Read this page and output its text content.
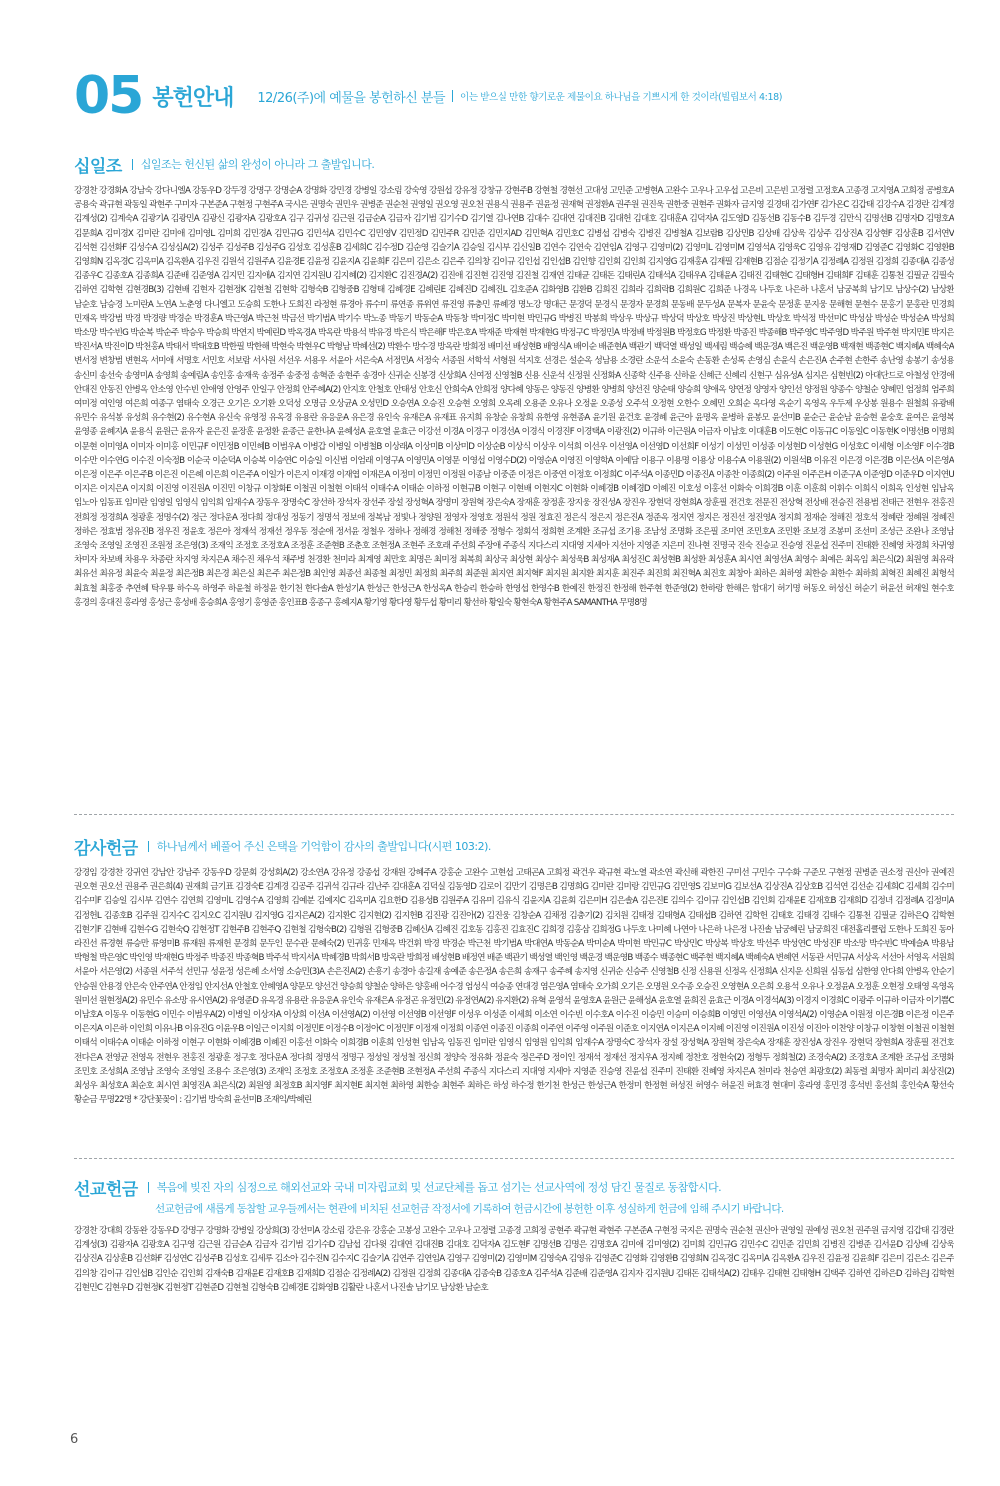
05 봉헌안내 12/26(주)에 예물을 봉헌하신 분들 이는 받으실 만한 향기로운 제물이요 하나님을 기쁘시게 한 것이라(빌립보서 4:18)
십일조 십일조는 헌신된 삶의 완성이 아니라 그 출발입니다.
강경찬 강경화A 강남숙 강다니엘A 강동우D 강두경 강명구 강명순A 강명화 강민경 강병일 강소림 강숙영 강원섭 강유정 강창규 강현주B 강현철 경현선 고대성 고민준 고병현A 고완수 고우나 고우섭 고은비 고은빈 고정렬 고정호A 고종경 고지영A 고희정 공병호A 공용숙 곽규현 곽동일 곽현주 구미자 구본준A 구현정 구현주A 국시은 권명숙 권민우 권병준 권순천 권영일 권오영 권오천 권용식 권용주 권윤정 권재혁 권정환A 권주원 권진욱 권한중 권현주 권화자 금지영 길경태 김가연F 김가온C 김갑태 김강수A 김경란 김계경 김계성(2) 김계숙A 김광기A 김광민A 김광신 김광자A 김광호A 김구 김귀성 김근원 김금순A 김금자 김기범 김기수D 김기열 김나연B 김대수 김대연 김대진B 김대헌 김대호 김대훈A 김덕자A 김도영D 김동선B 김동수B 김두경 김만식 김명선B 김명자D 김명호A 김문희A 김미경X 김미란 김미애 김미영L 김미희 김민경A 김민규G 김민석A 김민수C 김민영V 김민정D 김민주R 김민준 김민지AD 김민혁A 김민호C 김병섭 김병숙 김병진 김병철A 김보람B 김상민B 김상배 김상욱 김상주 김상진A 김상현F 김상훈B 김서연V 김석현 김선화F 김성수A 김성심A(2) 김성주 김성주B 김성주G 김성호 김성훈B 김세희C 김수정D 김순영 김슬기A 김승일 김시부 김신일B 김연수 김연숙 김연임A 김영구 김영미(2) 김영미L 김영미M 김영석A 김영욱C 김영유 김영재D 김영준C 김영화C 김영환B 김영희N 김옥경C 김옥미A 김옥환A 김우진 김원석 김원주A 김윤경E 김윤정 김윤지A 김윤희F 김은미 김은소 김은주 김의창 김이규 김인섭 김인섭B 김인향 김인회 김인희 김지영G 김재홍A 김재필 김재현B 김점순 김정기A 김정례A 김정원 김정희 김종대A 김종성 김종우C 김종호A 김종희A 김준배 김준영A 김지민 김지애A 김지연 김지원U 김지혜(2) 김지환C 김진경A(2) 김진애 김진현 김진영 김진철 김재연 김태균 김태돈 김태린A 김태석A 김태우A 김태윤A 김태진 김태현C 김태형H 김태희F 김태훈 김통천 김필균 김필숙 김하연 김학현 김현경B(3) 김현배 김현자 김현정K 김현철 김현학 김형숙B 김형중B 김형태 김혜경E 김혜린E 김혜진D 김혜진L 김호준A 김화영B 김환B 김희진 김희라 김희락B 김희원C 김희준 나경옥 나두호 나은하 나혼서 남궁복희 남기모 남상수(2) 남상환 남순호 남승경 노미란A 노연A 노춘영 다니엘고 도승희 도한나 도희진 라정현 류경아 류수미 류연종 류위연 류진영 류충민 류혜경 명노강 명대근 문경덕 문경식 문경자 문경희 문동배 문두성A 문복자 문윤숙 문정훈 문지웅 문해현 문현수 문홍기 문홍란 민경희 민재옥 박강범 박경 박경량 박경순 박경훈A 박근영A 박근천 박금선 박기범A 박기수 박노종 박동기 박동순A 박동창 박미정C 박미현 박민규G 박병진 박봉희 박상우 박상규 박상덕 박상호 박상진 박상현L 박상호 박석정 박선미C 박성삼 박성순 박성순A 박성희 박소망 박수빈G 박순복 박순주 박승우 박승희 박연지 박예린D 박옥경A 박옥란 박용석 박유경 박은식 박은해F 박은호A 박재준 박재현 박재현G 박정구C 박정민A 박정배 박정원B 박정호G 박정환 박종진 박종해B 박주영C 박주영D 박주원 박주현 박지민E 박지은 박진서A 박진이D 박천홍A 박태서 박태호B 박한필 박한해 박현숙 박현우C 박형남 박혜선(2) 박환수 방수경 방옥란 방희정 배미선 배성현B 배영식A 배이순 배준현A 백관기 백덕열 백성일 백세림 백승혜 백운경A 백은진 백운영B 백재현 백종현C 백지혜A 백혜숙A 변서정 변창범 변현옥 서미애 서명호 서민호 서보람 서사원 서선우 서용우 서윤아 서은숙A 서정민A 서정숙 서종원 서학석 서형원 석지호 선경은 설순옥 성남용 소경란 소운석 소윤숙 손동환 손성록 손영심 손윤식 손은진A 손주현 손한주 송난영 송봉기 송성용 송신미 송선숙 송영미A 송영희 송예림A 송인홍 송재욱 송정주 송중정 송혁준 송현주 송경아 신귀순 신봉경 신상희A 신여정 신영철B 신용 신운석 신정원 신정화A 신종학 신주용 신하윤 신혜근 신혜리 신현구 심유성A 심지은 심현빈(2) 아대단드로 아철성 안경애 안대진 안동진 안병옥 안소영 안수빈 안애영 안영주 안일구 안정희 안주혜A(2) 안지호 안철호 안태성 안호신 안희숙A 안희정 양다혜 양동은 양동진 양병환 양병희 양선진 양순태 양승희 양애옥 양연정 양영자 양인선 양정원 양종수 양철순 양혜민 엄정희 엄주희 여미정 여인영 여은희 여종구 염태숙 오경근 오기은 오기환 오덕성 오명금 오상균A 오성민D 오승연A 오승진 오승현 오영희 오옥례 오용준 오유나 오정윤 오종성 오주석 오정현 오한수 오혜민 오희순 옥다영 옥순기 옥영옥 우두제 우상봉 원용수 원철희 유광배 유민수 유석봉 유성희 유수현(2) 유수현A 유신숙 유영정 유옥경 유용란 유응운A 유은경 유인숙 유재은A 유재표 유지희 유창순 유창희 유한영 유현종A 윤기원 윤건호 윤경혜 윤근아 윤명옥 윤병하 윤봉모 윤선미B 윤순근 윤순남 윤승현 윤숭호 윤여은 윤영복 윤영종 윤혜지A 윤용식 윤원근 윤유자 윤은진 윤장훈 윤정환 윤종근 윤한나A 윤혜성A 윤호열 윤효근 이강선 이경A 이경구 이경선A 이경식 이경진F 이경택A 이광진(2) 이규하 이근원A 이금자 이남호 이대훈B 이도현C 이동규C 이동일C 이동현K 이명선B 이명희 이문현 이미영A 이미자 이미홍 이민규F 이민정B 이민혜B 이범우A 이병갑 이병일 이병철B 이상래A 이상미B 이상미D 이상순B 이상식 이상우 이석희 이선우 이선영A 이선영D 이선희F 이성기 이성민 이성종 이성현D 이성현G 이성호C 이세형 이소영F 이수경B 이수만 이수연G 이수진 이숙정B 이순국 이순덕A 이승복 이승연C 이승일 이신범 이엄래 이영구A 이영민A 이영문 이영섭 이영수D(2) 이영순A 이영진 이영학A 이예담 이용구 이용명 이용상 이용수A 이용원(2) 이원석B 이유진 이은경 이은경B 이은선A 이은영A 이은정 이은주 이은주B 이은진 이은혜 이은희 이은주A 이일가 이은지 이재경 이재엽 이재은A 이정미 이정민 이정원 이종남 이중준 이정은 이중연 이정호 이정희C 이주석A 이종민D 이종진A 이종찬 이종희(2) 이주원 이주은H 이준구A 이준영D 이준우D 이지연U 이지은 이지은A 이지희 이진영 이진원A 이진민 이창규 이창화E 이철권 이철현 이태석 이태수A 이태순 이하정 이현규B 이현구 이현배 이현지C 이현화 이혜경B 이혜경D 이혜진 이호성 이홍선 이화숙 이희경B 이훈 이훈희 이휘수 이희식 이희옥 인성현 임남옥 임노아 임동표 임미란 임영일 임영식 임익희 임재수A 장동우 장명숙C 장선하 장석자 장선주 장설 장성혁A 장명미 장원혁 장은숙A 장재훈 장정훈 장지웅 장진성A 장진우 장현덕 장현희A 장훈필 전건호 전문진 전상혁 전상배 전승진 전용범 전태근 전현우 전홍진 전희정 정경희A 정광훈 정명수(2) 정근 정다운A 정다희 정대성 정동기 정명석 정보애 정복남 정빛나 정양원 정영자 정영호 정원석 정원 정효진 정은식 정은지 정은진A 정준옥 정지연 정지은 정진선 정진영A 정지희 정재순 정해진 정호석 정혜란 정혜원 정혜진 정하은 정효범 정유진B 정우진 정윤호 정은아 정재석 정재선 정우동 정순애 정서윤 정철우 정하나 정해경 정해천 정해중 정형수 정회석 정희현 조계환 조규섭 조기용 조남성 조명화 조은필 조미연 조민호A 조민환 조보경 조봉미 조선미 조성근 조완나 조영남 조영숙 조영일 조영진 조원정 조은영(3) 조재익 조정호 조정호A 조정훈 조준현B 조춘호 조현정A 조현주 조호래 주선희 주장애 주종식 지다스리 지대영 지세아 지선아 지영준 지은미 진나현 진명국 진숙 진승교 진승영 진윤섭 진주미 진태환 진혜영 차경희 차귀영 차미자 차보배 차용우 차종란 차지영 차지은A 채수진 채우석 채주병 천경환 천미라 최계영 최만호 최명은 최미정 최복희 최상국 최상현 최상수 최성욱B 최성재A 최성진C 최성현B 최성환 최성훈A 최시연 최영선A 최영수 최예은 최옥임 최은식(2) 최원영 최유락 최유선 최유정 최윤숙 최윤정 최은정B 최은경 최은실 최은주 최은정B 최인영 최종선 최종철 최정민 최정희 최주희 최준원 최지연 최지혁F 최지원 최지환 최지훈 최진주 최진희 최진혁A 최진호 최창아 최하은 최하영 최한승 최한수 최하희 최혁진 최혜진 최형석 최효철 최홍중 추연혜 탁우룡 하수옥 하영주 하윤철 하정윤 한기천 한다솔A 한성기A 한성근 한성근A 한성옥A 한승리 한승하 한영섭 한영수B 한예진 한정진 한정해 한주현 한준영(2) 한하랑 한해은 함대기 허기명 허동오 허성신 허순기 허윤선 허재일 현수호 홍경의 홍대진 홍라영 홍성근 홍성배 홍승희A 홍영기 홍영준 홍인표B 홍종구 홍혜지A 황기영 황다영 황두섭 황미리 황선하 황일숙 황현숙A 황현주A SAMANTHA 무명8명
감사헌금 하나님께서 베풀어 주신 은택을 기억함이 감사의 출발입니다(시편 103:2).
강경임 강경찬 강귀연 강남안 강남주 강동우D 강문회 강성회A(2) 강소연A 강유정 강종섭 강재원 강혜주A 강홍순 고완수 고현섭 고태곤A 고희정 곽건우 곽규현 곽노열 곽소연 곽신해 곽한진 구미선 구민수 구수화 구준모 구현정 권병준 권소정 권신아 권예진 권오현 권오선 권용주 권은희(4) 권재희 금기표 김경숙E 김계경 김공주 김귀석 김규라 김난주 김대훈A 김덕실 김동영D 김로이 김만기 김명은B 김명희G 김미란 김미랑 김민규G 김민영S 김보미G 김보선A 김상진A 김상호B 김석연 김선순 김세희C 김세희 김수미 김수미F 김승일 김시부 김연수 김연희 김영미L 김영수A 김영희 김예분 김예지C 김옥미A 김요한D 김용성B 김원주A 김유미 김유식 김윤지A 김윤회 김은미H 김은솔A 김은진E 김의수 김이규 김인섭B 김인회 김재윤E 김재호B 김재희D 김정녀 김정례A 김정미A 김정헌L 김종호B 김주원 김지수C 김지오C 김지원U 김지영G 김지은A(2) 김지환C 김지현(2) 김지헌B 김진광 김진아(2) 김진웅 김창순A 김채정 김충기(2) 김치원 김태정 김태형A 김태섭B 김하연 김학헌 김태호 김태경 김태수 김통천 김필균 김하은Q 김학현 김현기F 김현배 김현수G 김현숙Q 김현정T 김현주B 김현주Q 김현철 김형숙B(2) 김형원 김형중B 김혜신A 김혜진 김호동 김홍진 김효진C 김희경 김홍삼 김희정G 나두호 나미혜 나연아 나은하 나은정 나진솔 남궁혜린 남궁희진 대전홀리클럽 도한나 도희진 동아 라진선 류경현 류승만 류영미B 류재원 류재헌 문경희 문두인 문수관 문혜숙(2) 민귀홍 민재옥 박건휘 박경 박경순 박근천 박기범A 박대연A 박동순A 박미순A 박미현 박민규C 박상민C 박상복 박상호 박선주 박성연C 박성진F 박소망 박수빈C 박예슬A 박용남 박형철 박은영C 박인영 박재현G 박정주 박종진 박종혁B 박주석 박지서A 박혜경B 박희서B 방옥란 방희정 배성현B 배정연 배준 백관기 백성열 백인영 백운경 백운영B 백종수 백종현C 백주현 백지혜A 백혜숙A 변혜연 서동관 서민규A 서상옥 서선아 서영옥 서원희 서윤아 서은영(2) 서종원 서주석 선민규 성윤정 성은혜 소서영 소승민(3)A 손은진A(2) 손흥기 송경아 송길재 송예준 송은정A 송은희 송재구 송주혜 송지영 신귀순 신승주 신영철B 신정 신용원 신정옥 신정희A 신지운 신희원 심동섭 심한영 안다희 안병옥 안순기 안승원 안용경 안은숙 안주연A 안정임 안지선A 안철호 안혜영A 양문모 양선건 양승희 양철순 양하은 양홍배 어수경 엄성식 여승종 연대경 염은영A 염태숙 오가희 오기은 오명원 오수종 오승진 오영현A 오은희 오용석 오유나 오정윤A 오정훈 오현정 오태영 옥영옥 원미선 원현정A(2) 유민수 유소망 유시연A(2) 유영준D 유옥경 유용란 유응운A 유인숙 유재은A 유정곤 유정민(2) 유정연A(2) 유지환(2) 유혁 윤영석 윤영호A 윤원근 윤해성A 윤호열 윤희진 윤효근 이경A 이경석A(3) 이경지 이경희C 이광주 이규하 이금자 이기쁨C 이남호A 이동우 이동현G 이민수 이범우A(2) 이병일 이상자A 이상희 이선A 이선영A(2) 이선영 이선영B 이선영F 이성우 이성준 이세희 이소연 이수빈 이수호A 이수진 이승민 이승미 이승희B 이영민 이영선A 이영석A(2) 이영순A 이원정 이은경B 이은정 이은주 이은지A 이은하 이인희 이유나B 이유진G 이윤우B 이일근 이지희 이정민E 이정수B 이정아C 이정민F 이정재 이정희 이종연 이종진 이종희 이주연 이주영 이주원 이준호 이지연A 이지은A 이지혜 이진영 이진원A 이진성 이진아 이찬양 이창규 이창현 이철권 이철현 이태석 이태수A 이태순 이하정 이현구 이현화 이혜경B 이혜진 이홍선 이화숙 이희경B 이훈희 인성현 임남옥 임동진 임미란 임영식 임영원 임익희 임재수A 장명숙C 장석자 장설 장성혁A 장원혁 장은숙A 장재훈 장진성A 장진우 장현덕 장현희A 장훈필 전건호 전다은A 전영균 전영옥 전현우 전홍진 정광훈 정구호 정다운A 정다희 정명석 정명구 정성일 정성철 정신희 정양숙 정유화 정윤숙 정은주D 정이인 정재석 정재선 정지우A 정지혜 정찬호 정현숙(2) 정형두 정희철(2) 조경숙A(2) 조경호A 조계환 조규섭 조명화 조민호 조성희A 조영남 조영숙 조영일 조용수 조은영(3) 조재익 조정호 조정호A 조정훈 조준현B 조현정A 주선희 주종식 지다스리 지대영 지세아 지영준 진승영 진윤섭 진주미 진태환 진혜영 차지은A 천미라 천승연 최광호(2) 최동렬 최명자 최미리 최상진(2) 최성우 최성호A 최순호 최시연 최영진A 최은식(2) 최원영 최정호B 최지영F 최지현E 최지현 최하영 최한승 최현주 최하은 하성 하수정 한기천 한성근 한성근A 한정미 한정현 허성진 허영수 허윤진 허효경 현대미 홍라영 홍민경 홍석빈 홍선희 홍인숙A 황선숙 황순금 무명22명 * 강단꽃꽂이 : 김기범 방숙희 윤선미B 조재익/박혜린
선교헌금 복음에 빚진 자의 심정으로 해외선교와 국내 미자립교회 및 선교단체를 돕고 섬기는 선교사역에 정성 담긴 물질로 동참합시다.
선교헌금에 새롭게 동참할 교우들께서는 현관에 비치된 선교헌금 작정서에 기록하여 헌금시간에 봉헌한 이후 성실하게 헌금에 임해 주시기 바랍니다.
강경찬 강대희 강동완 강동우D 강명구 강명화 강병일 강상희(3) 강선미A 강소림 강은유 강홍순 고봉성 고완수 고우나 고정렬 고종경 고희정 공현주 곽규현 곽현주 구본준A 구현정 국지은 권명숙 권순천 권신아 권영일 권예성 권오천 권주원 금지영 김갑태 김경란 김계성(3) 김광자A 김광호A 김구영 김근원 김금순A 김금자 김기범 김기수D 김남섭 김다윗 김대연 김대진B 김대호 김덕자A 김도현F 김명선B 김명은 김명호A 김미애 김미영(2) 김미희 김민규G 김민수C 김민준 김민희 김병진 김병준 김서윤D 김상배 김상욱 김상진A 김상훈B 김선화F 김성연C 김성주B 김성호 김세루 김소아 김수진N 김수지C 김슬기A 김연주 김연임A 김영구 김영미(2) 김영미M 김영숙A 김영유 김영준C 김영화 김영환B 김영희N 김옥경C 김옥미A 김옥환A 김우진 김윤정 김윤희F 김은미 김은소 김은주 김의창 김이규 김인섭B 김인순 김인회 김재숙B 김재윤E 김재호B 김재희D 김점순 김정례A(2) 김정원 김정희 김종대A 김종숙B 김종호A 김주석A 김준배 김준영A 김지자 김지원U 김태돈 김태석A(2) 김태우 김태현 김태형H 김택주 김하연 김하은D 김하은J 김학현 김현민C 김현우D 김현정K 김현정T 김현준D 김현철 김형숙B 김혜경E 김화영B 김활란 나혼서 나진솔 남기모 남상환 남순호
6
